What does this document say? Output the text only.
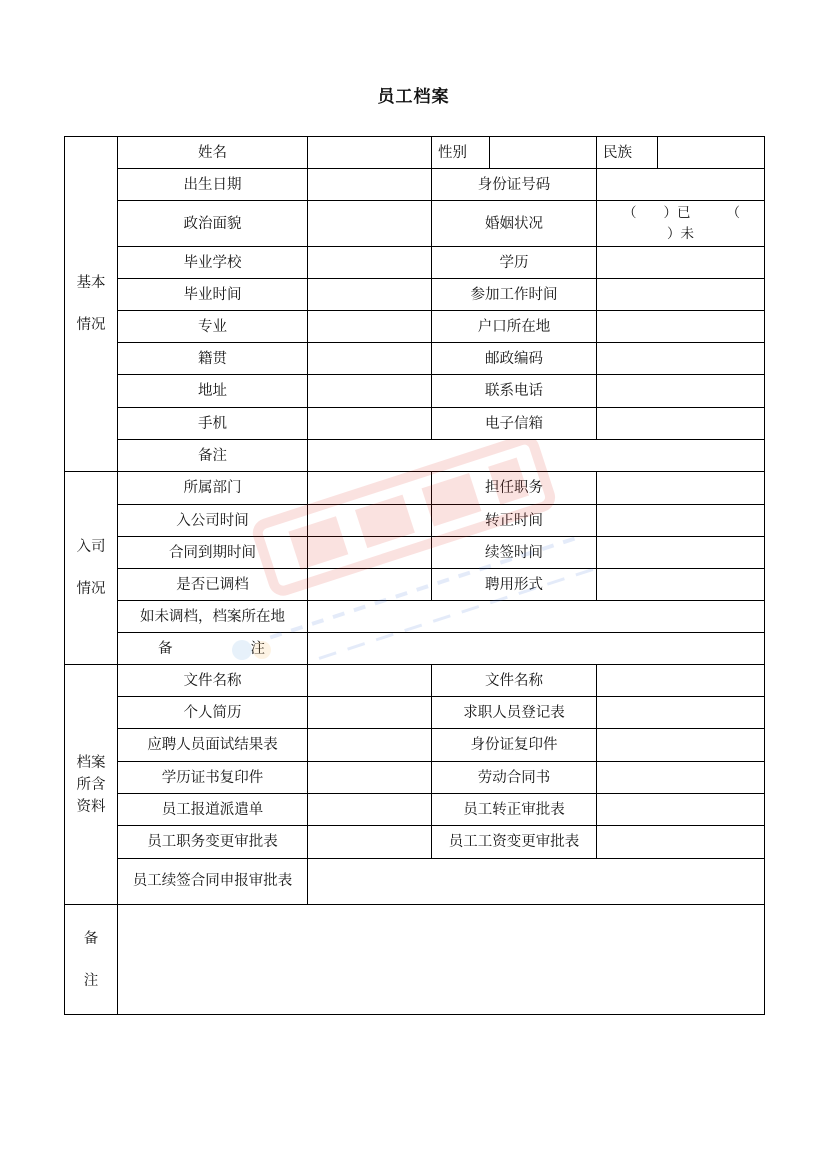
员工档案
基本
情况	姓名		性别		民族	
	出生日期		身份证号码			
	政治面貌		婚姻状况		（　　）已 （
）未	

	毕业学校		学历			
	毕业时间		参加工作时间			
	专业		户口所在地			
	籍贯		邮政编码			
	地址		联系电话			
	手机		电子信箱			
	备注					
入司
情况	所属部门		担任职务			
	入公司时间		转正时间			
	合同到期时间		续签时间			
	是否已调档		聘用形式			
	如未调档，档案所在地					

	备 注					

档案
所含
资料	文件名称		文件名称			
	个人简历		求职人员登记表			
	应聘人员面试结果表		身份证复印件			
	学历证书复印件		劳动合同书			
	员工报道派遣单		员工转正审批表			
	员工职务变更审批表		员工工资变更审批表			
	员工续签合同申报审批表					
备
注						
